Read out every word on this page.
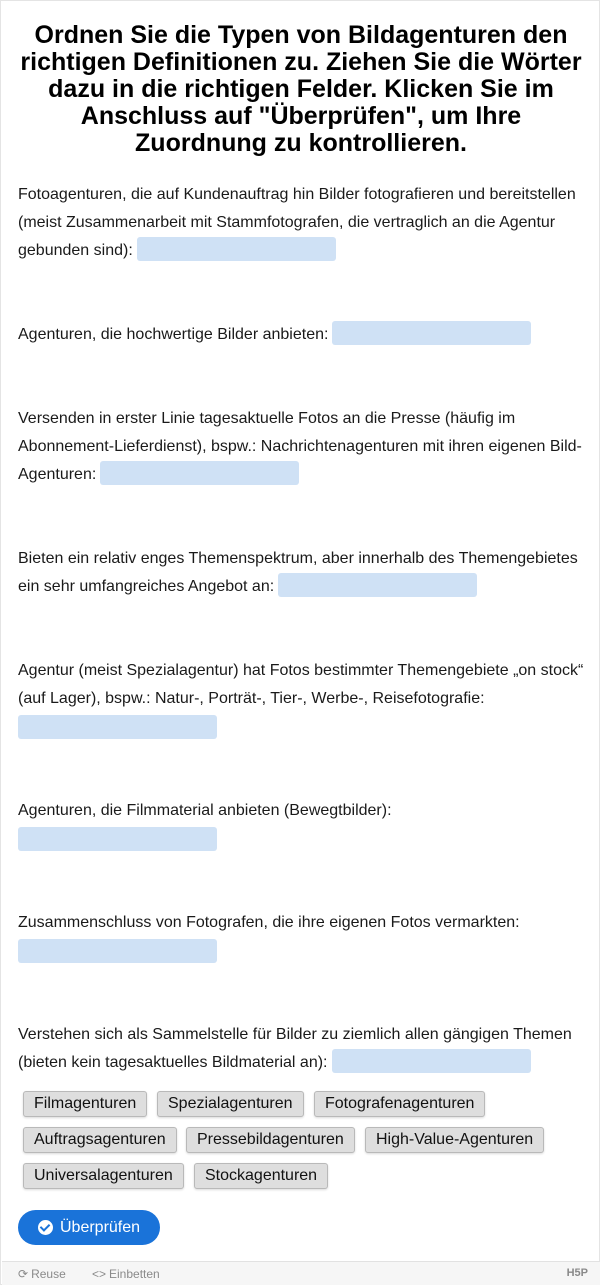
Ordnen Sie die Typen von Bildagenturen den richtigen Definitionen zu. Ziehen Sie die Wörter dazu in die richtigen Felder. Klicken Sie im Anschluss auf "Überprüfen", um Ihre Zuordnung zu kontrollieren.
Fotoagenturen, die auf Kundenauftrag hin Bilder fotografieren und bereitstellen (meist Zusammenarbeit mit Stammfotografen, die vertraglich an die Agentur gebunden sind):
Agenturen, die hochwertige Bilder anbieten:
Versenden in erster Linie tagesaktuelle Fotos an die Presse (häufig im Abonnement-Lieferdienst), bspw.: Nachrichtenagenturen mit ihren eigenen Bild-Agenturen:
Bieten ein relativ enges Themenspektrum, aber innerhalb des Themengebietes ein sehr umfangreiches Angebot an:
Agentur (meist Spezialagentur) hat Fotos bestimmter Themengebiete „on stock“ (auf Lager), bspw.: Natur-, Porträt-, Tier-, Werbe-, Reisefotografie:
Agenturen, die Filmmaterial anbieten (Bewegtbilder):
Zusammenschluss von Fotografen, die ihre eigenen Fotos vermarkten:
Verstehen sich als Sammelstelle für Bilder zu ziemlich allen gängigen Themen (bieten kein tagesaktuelles Bildmaterial an):
Filmagenturen	Spezialagenturen	Fotografenagenturen
Auftragsagenturen	Pressebildagenturen	High-Value-Agenturen
Universalagenturen	Stockagenturen
Überprüfen
⟳ Reuse <> Einbetten	H5P
